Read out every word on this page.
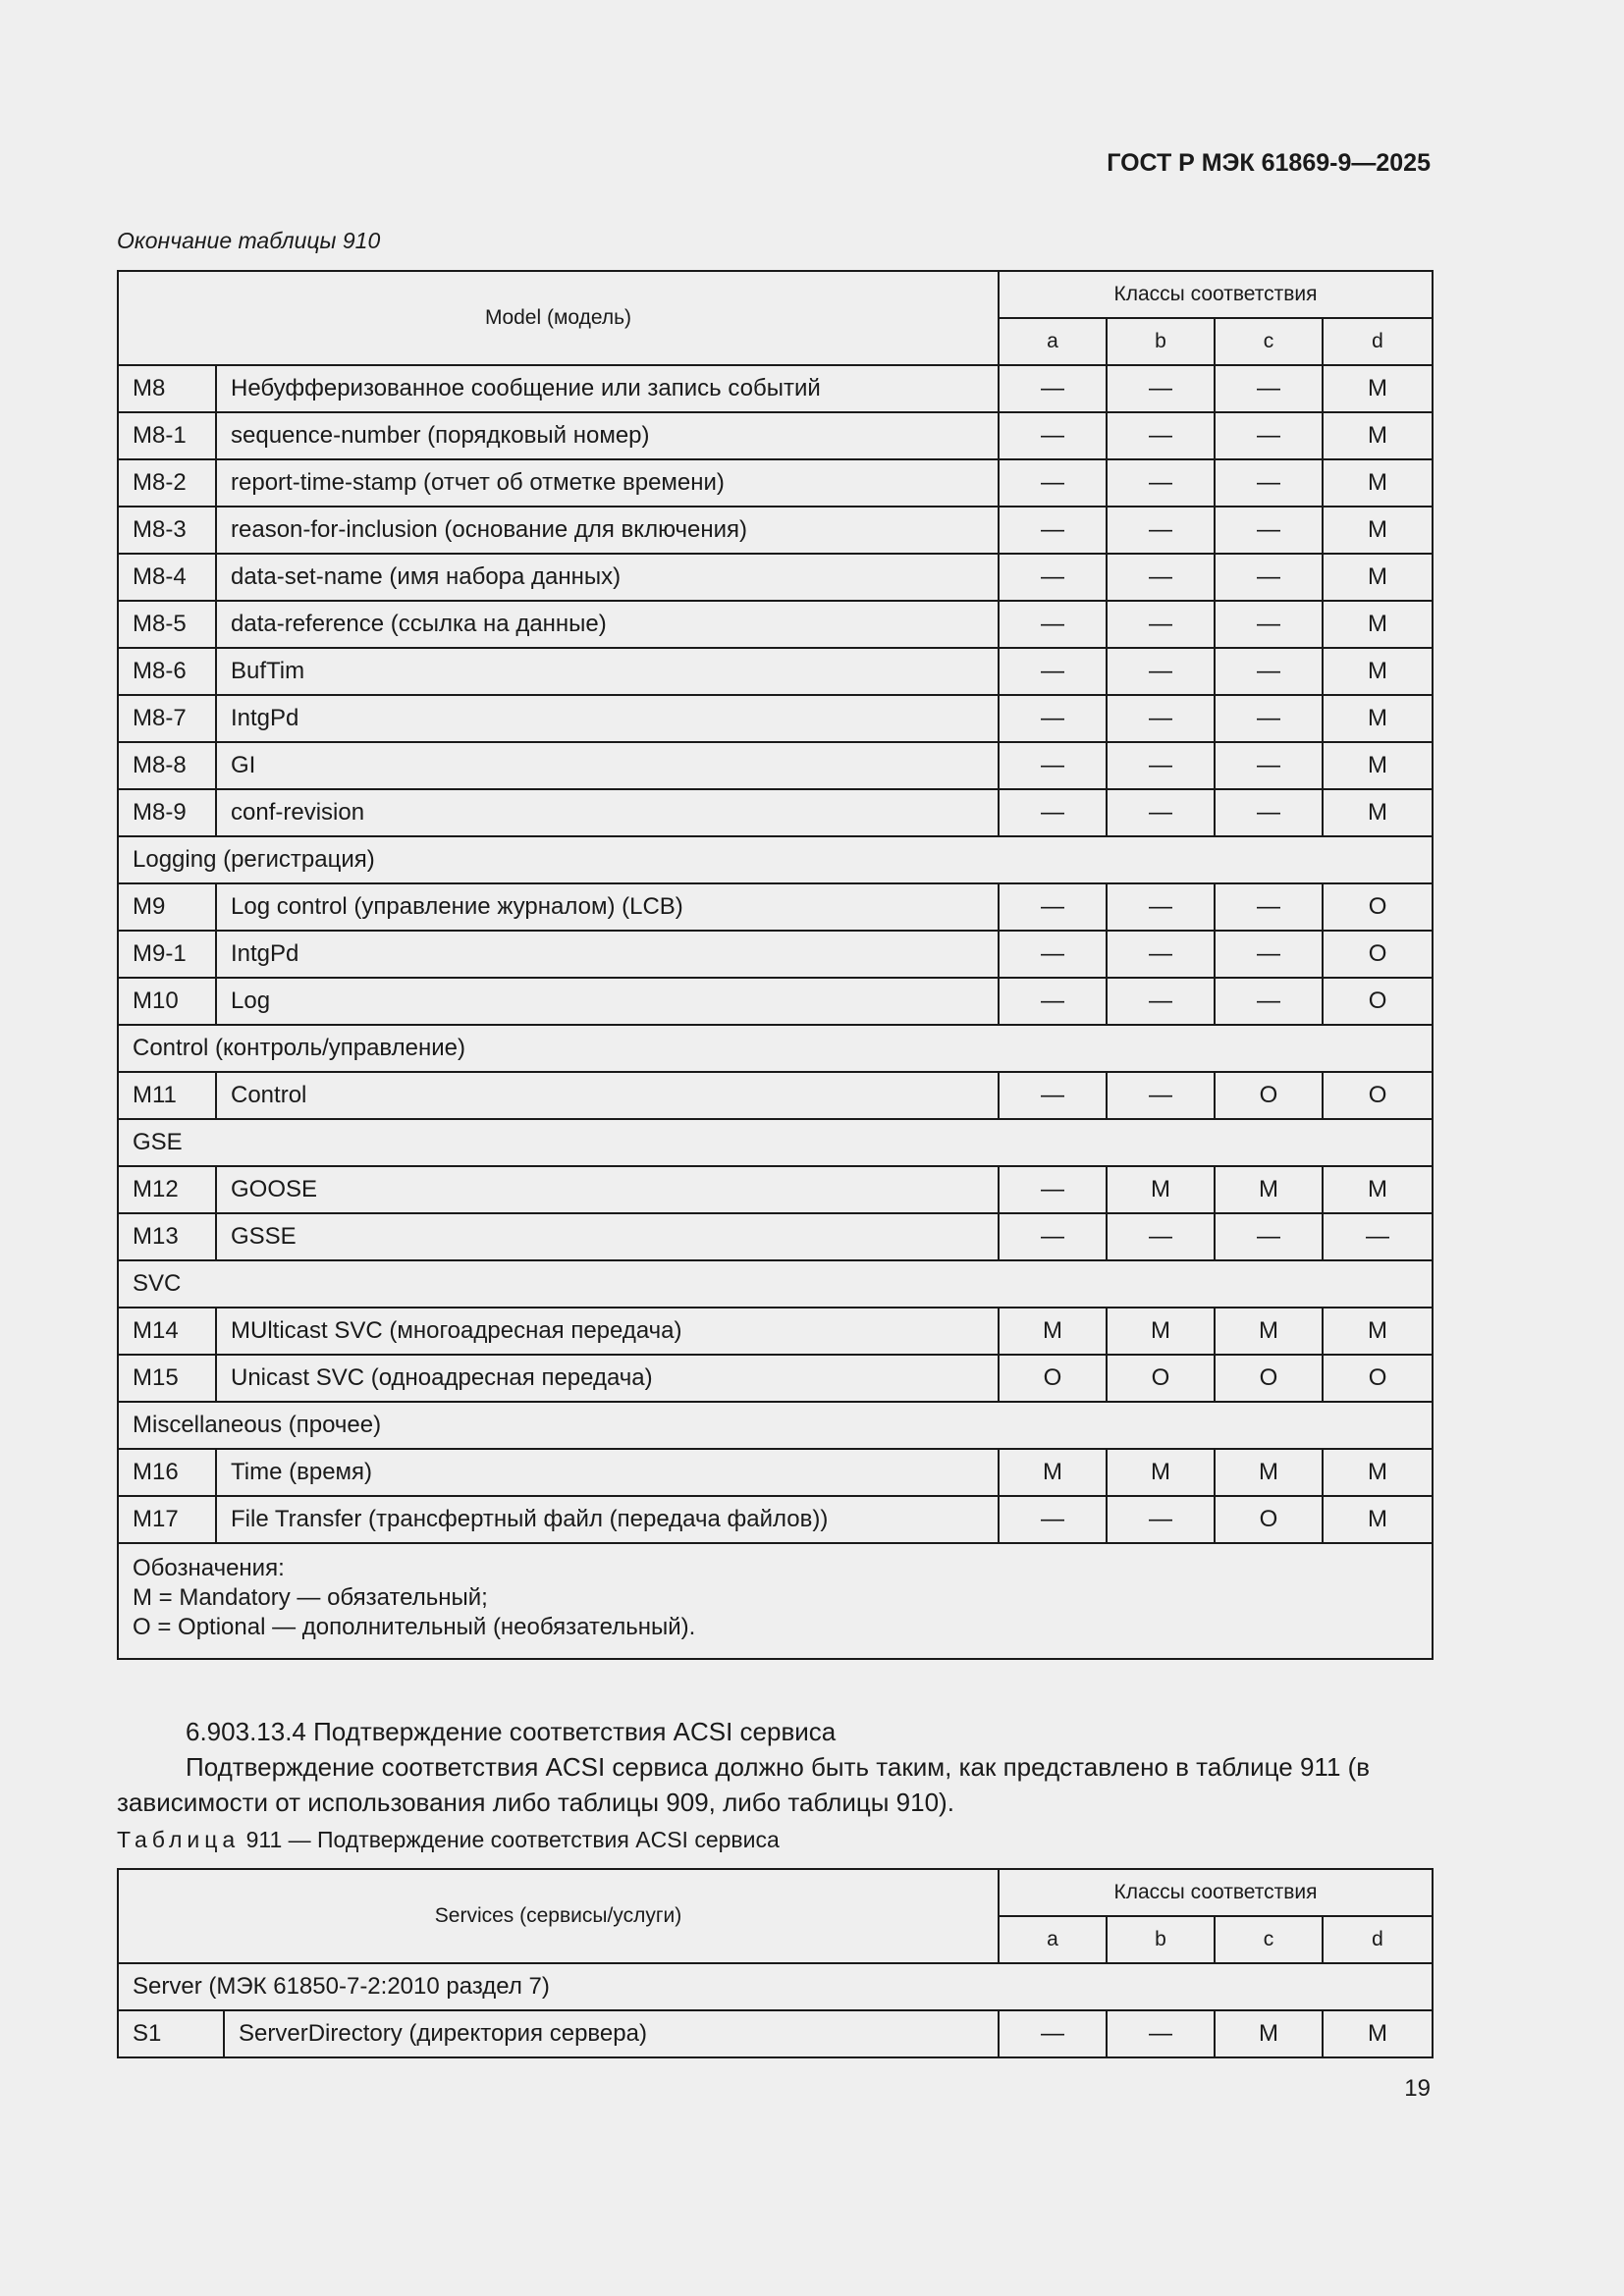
ГОСТ Р МЭК 61869-9—2025
Окончание таблицы 910
Model (модель)		Классы соответствия			
		a	b	c	d
M8	Небуфферизованное сообщение или запись событий	—	—	—	M
M8-1	sequence-number (порядковый номер)	—	—	—	M
M8-2	report-time-stamp (отчет об отметке времени)	—	—	—	M
M8-3	reason-for-inclusion (основание для включения)	—	—	—	M
M8-4	data-set-name (имя набора данных)	—	—	—	M
M8-5	data-reference (ссылка на данные)	—	—	—	M
M8-6	BufTim	—	—	—	M
M8-7	IntgPd	—	—	—	M
M8-8	GI	—	—	—	M
M8-9	conf-revision	—	—	—	M
Logging (регистрация)					
M9	Log control (управление журналом) (LCB)	—	—	—	O
M9-1	IntgPd	—	—	—	O
M10	Log	—	—	—	O
Control (контроль/управление)					
M11	Control	—	—	O	O
GSE					
M12	GOOSE	—	M	M	M
M13	GSSE	—	—	—	—
SVC					
M14	MUlticast SVC (многоадресная передача)	M	M	M	M
M15	Unicast SVC (одноадресная передача)	O	O	O	O
Miscellaneous (прочее)					
M16	Time (время)	M	M	M	M
M17	File Transfer (трансфертный файл (передача файлов))	—	—	O	M

Обозначения:
M = Mandatory — обязательный;
O = Optional — дополнительный (необязательный).					
6.903.13.4 Подтверждение соответствия ACSI сервиса
Подтверждение соответствия ACSI сервиса должно быть таким, как представлено в таблице 911 (в зависимости от использования либо таблицы 909, либо таблицы 910).
Таблица 911 — Подтверждение соответствия ACSI сервиса
Services (сервисы/услуги)		Классы соответствия			
		a	b	c	d
Server (МЭК 61850-7-2:2010 раздел 7)					
S1	ServerDirectory (директория сервера)	—	—	M	M
19
